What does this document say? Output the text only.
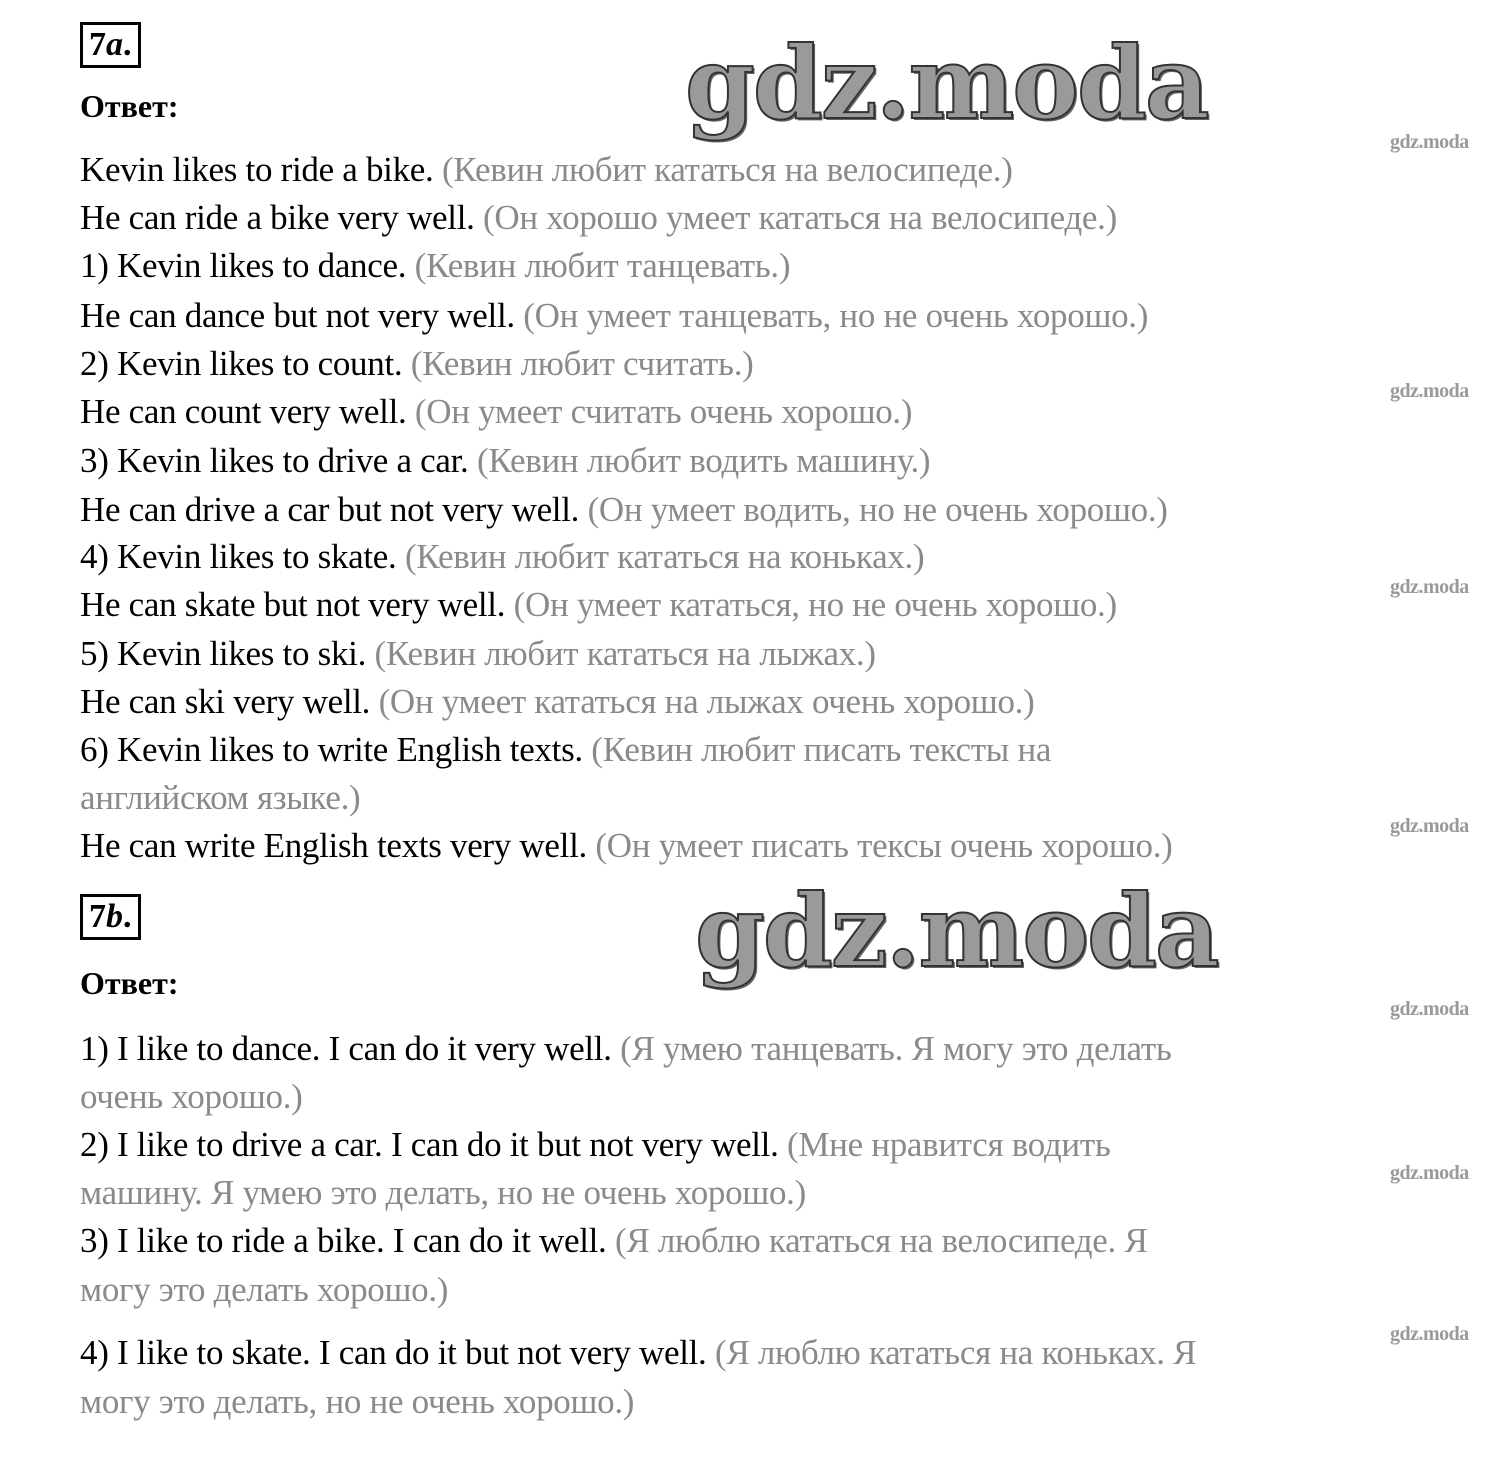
7a.
Ответ:	gdz.moda
Kevin likes to ride a bike. (Кевин любит кататься на велосипеде.)
He can ride a bike very well. (Он хорошо умеет кататься на велосипеде.)
1) Kevin likes to dance. (Кевин любит танцевать.)
He can dance but not very well. (Он умеет танцевать, но не очень хорошо.)
2) Kevin likes to count. (Кевин любит считать.)
He can count very well. (Он умеет считать очень хорошо.)
3) Kevin likes to drive a car. (Кевин любит водить машину.)
He can drive a car but not very well. (Он умеет водить, но не очень хорошо.)
4) Kevin likes to skate. (Кевин любит кататься на коньках.)
He can skate but not very well. (Он умеет кататься, но не очень хорошо.)
5) Kevin likes to ski. (Кевин любит кататься на лыжах.)
He can ski very well. (Он умеет кататься на лыжах очень хорошо.)
6) Kevin likes to write English texts. (Кевин любит писать тексты на
английском языке.)
He can write English texts very well. (Он умеет писать тексы очень хорошо.)
7b.
Ответ:	gdz.moda
1) I like to dance. I can do it very well. (Я умею танцевать. Я могу это делать
очень хорошо.)
2) I like to drive a car. I can do it but not very well. (Мне нравится водить
машину. Я умею это делать, но не очень хорошо.)
3) I like to ride a bike. I can do it well. (Я люблю кататься на велосипеде. Я
могу это делать хорошо.)
4) I like to skate. I can do it but not very well. (Я люблю кататься на коньках. Я
могу это делать, но не очень хорошо.)
gdz.moda
gdz.moda
gdz.moda
gdz.moda
gdz.moda
gdz.moda
gdz.moda
